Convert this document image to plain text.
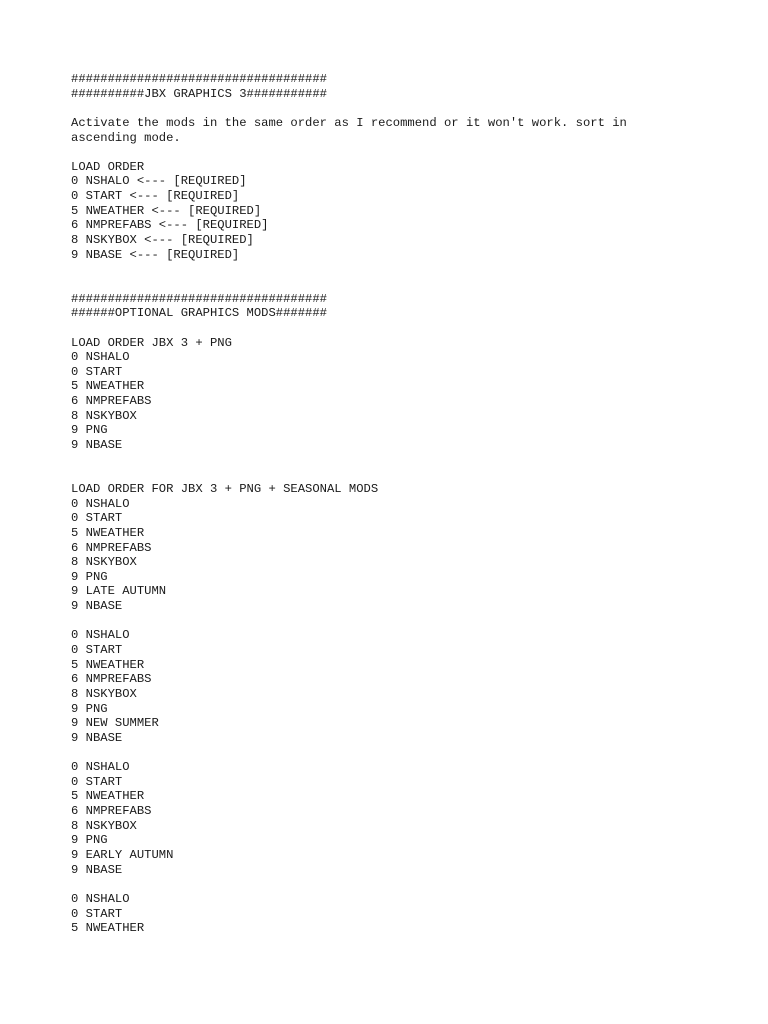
###################################
##########JBX GRAPHICS 3###########
Activate the mods in the same order as I recommend or it won't work. sort in
ascending mode.
LOAD ORDER
0 NSHALO <--- [REQUIRED]
0 START <--- [REQUIRED]
5 NWEATHER <--- [REQUIRED]
6 NMPREFABS <--- [REQUIRED]
8 NSKYBOX <--- [REQUIRED]
9 NBASE <--- [REQUIRED]
###################################
######OPTIONAL GRAPHICS MODS#######
LOAD ORDER JBX 3 + PNG
0 NSHALO
0 START
5 NWEATHER
6 NMPREFABS
8 NSKYBOX
9 PNG
9 NBASE
LOAD ORDER FOR JBX 3 + PNG + SEASONAL MODS
0 NSHALO
0 START
5 NWEATHER
6 NMPREFABS
8 NSKYBOX
9 PNG
9 LATE AUTUMN
9 NBASE
0 NSHALO
0 START
5 NWEATHER
6 NMPREFABS
8 NSKYBOX
9 PNG
9 NEW SUMMER
9 NBASE
0 NSHALO
0 START
5 NWEATHER
6 NMPREFABS
8 NSKYBOX
9 PNG
9 EARLY AUTUMN
9 NBASE
0 NSHALO
0 START
5 NWEATHER
